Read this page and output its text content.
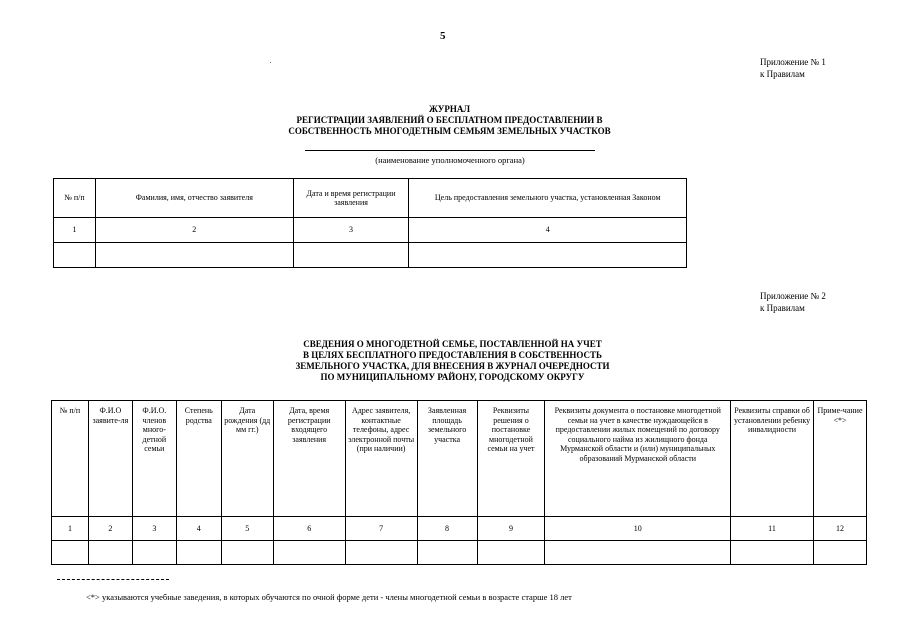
5
Приложение № 1
к Правилам
ЖУРНАЛ
РЕГИСТРАЦИИ ЗАЯВЛЕНИЙ О БЕСПЛАТНОМ ПРЕДОСТАВЛЕНИИ В
СОБСТВЕННОСТЬ МНОГОДЕТНЫМ СЕМЬЯМ ЗЕМЕЛЬНЫХ УЧАСТКОВ
(наименование уполномоченного органа)
№ п/п	Фамилия, имя, отчество заявителя	Дата и время регистрации заявления	Цель предоставления земельного участка, установленная Законом
1	2	3	4

Приложение № 2
к Правилам
СВЕДЕНИЯ О МНОГОДЕТНОЙ СЕМЬЕ, ПОСТАВЛЕННОЙ НА УЧЕТ
В ЦЕЛЯХ БЕСПЛАТНОГО ПРЕДОСТАВЛЕНИЯ В СОБСТВЕННОСТЬ
ЗЕМЕЛЬНОГО УЧАСТКА, ДЛЯ ВНЕСЕНИЯ В ЖУРНАЛ ОЧЕРЕДНОСТИ
ПО МУНИЦИПАЛЬНОМУ РАЙОНУ, ГОРОДСКОМУ ОКРУГУ
№ п/п	Ф.И.О заявите-ля	Ф.И.О. членов много-детной семьи	Степень родства	Дата рождения (дд мм гг.)	Дата, время регистрации входящего заявления	Адрес заявителя, контактные телефоны, адрес электронной почты (при наличии)	Заявленная площадь земельного участка	Реквизиты решения о постановке многодетной семьи на учет	Реквизиты документа о постановке многодетной семьи на учет в качестве нуждающейся в предоставлении жилых помещений по договору социального найма из жилищного фонда Мурманской области и (или) муниципальных образований Мурманской области	Реквизиты справки об установлении ребенку инвалидности	Приме-чание <*>
1	2	3	4	5	6	7	8	9	10	11	12

<*> указываются учебные заведения, в которых обучаются по очной форме дети - члены многодетной семьи в возрасте старше 18 лет
